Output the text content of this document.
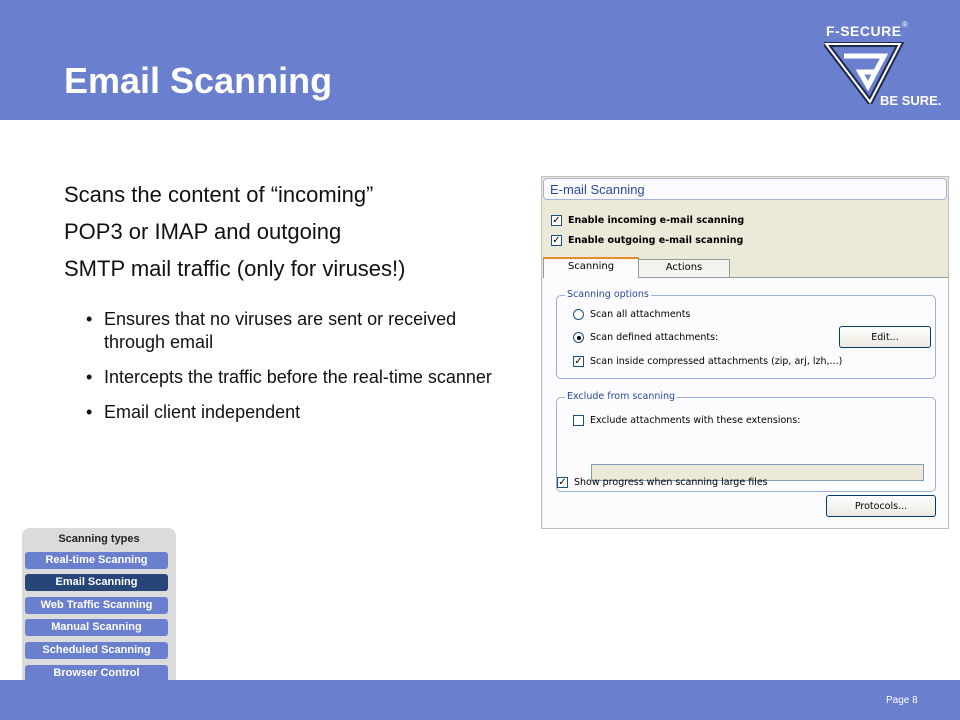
Email Scanning
F-SECURE ®
BE SURE.
Scans the content of “incoming”
POP3 or IMAP and outgoing
SMTP mail traffic (only for viruses!)
• Ensures that no viruses are sent or received through email
• Intercepts the traffic before the real-time scanner
• Email client independent
E-mail Scanning
✓ Enable incoming e-mail scanning
✓ Enable outgoing e-mail scanning
Actions
Scanning options
Scan all attachments
Scan defined attachments:	Edit...
✓ Scan inside compressed attachments (zip, arj, lzh,...)
Exclude from scanning
Exclude attachments with these extensions:
✓ Show progress when scanning large files
Protocols...
Scanning
Scanning types
Real-time Scanning
Email Scanning
Web Traffic Scanning
Manual Scanning
Scheduled Scanning
Browser Control
Page 8
